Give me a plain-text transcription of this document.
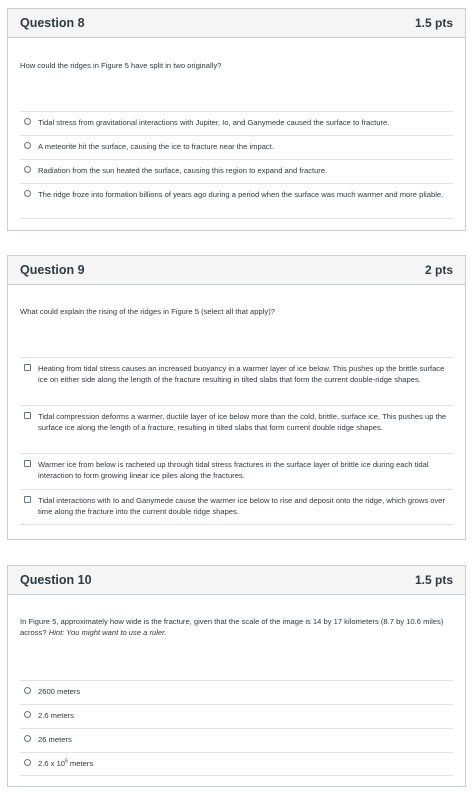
Question 8	1.5 pts
How could the ridges in Figure 5 have split in two originally?
Tidal stress from gravitational interactions with Jupiter, Io, and Ganymede caused the surface to fracture.
A meteorite hit the surface, causing the ice to fracture near the impact.
Radiation from the sun heated the surface, causing this region to expand and fracture.
The ridge froze into formation billions of years ago during a period when the surface was much warmer and more pliable.
Question 9	2 pts
What could explain the rising of the ridges in Figure 5 (select all that apply)?
Heating from tidal stress causes an increased buoyancy in a warmer layer of ice below. This pushes up the brittle surface ice on either side along the length of the fracture resulting in tilted slabs that form the current double-ridge shapes.
Tidal compression deforms a warmer, ductile layer of ice below more than the cold, brittle, surface ice. This pushes up the surface ice along the length of a fracture, resulting in tilted slabs that form current double ridge shapes.
Warmer ice from below is racheted up through tidal stress fractures in the surface layer of brittle ice during each tidal interaction to form growing linear ice piles along the fractures.
Tidal interactions with Io and Ganymede cause the warmer ice below to rise and deposit onto the ridge, which grows over time along the fracture into the current double ridge shapes.
Question 10	1.5 pts
In Figure 5, approximately how wide is the fracture, given that the scale of the image is 14 by 17 kilometers (8.7 by 10.6 miles) across? Hint: You might want to use a ruler.
2600 meters
2.6 meters
26 meters
2.6 x $10^6$ meters
